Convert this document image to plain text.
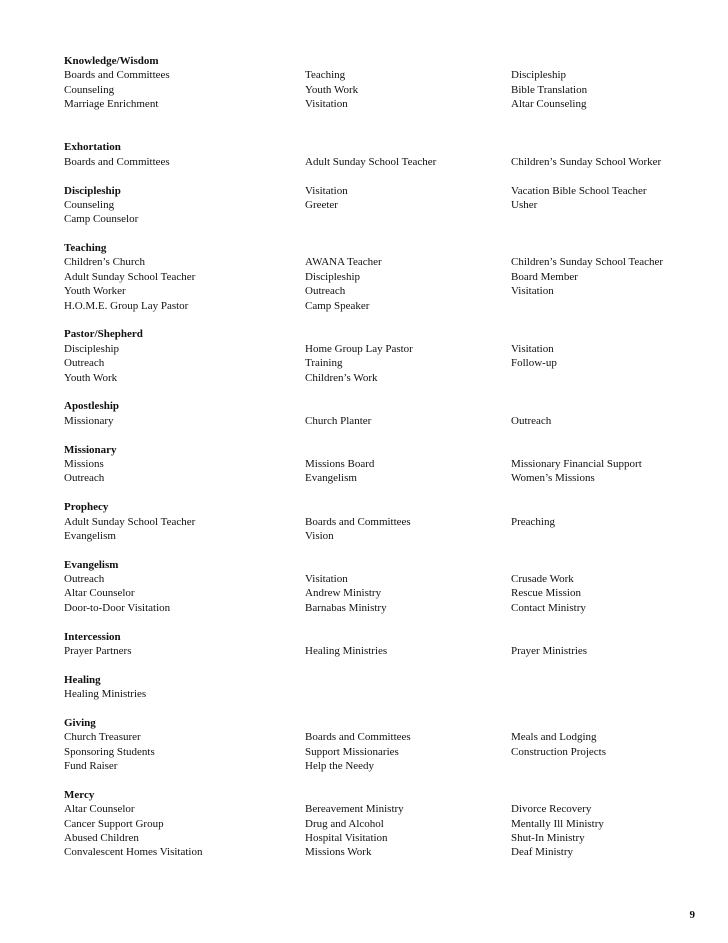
Knowledge/Wisdom
Boards and Committees	Teaching	Discipleship
Counseling	Youth Work	Bible Translation
Marriage Enrichment	Visitation	Altar Counseling
Exhortation
Boards and Committees	Adult Sunday School Teacher	Children’s Sunday School Worker
Discipleship	Visitation	Vacation Bible School Teacher
Counseling	Greeter	Usher
Camp Counselor
Teaching
Children’s Church	AWANA Teacher	Children’s Sunday School Teacher
Adult Sunday School Teacher	Discipleship	Board Member
Youth Worker	Outreach	Visitation
H.O.M.E. Group Lay Pastor	Camp Speaker
Pastor/Shepherd
Discipleship	Home Group Lay Pastor	Visitation
Outreach	Training	Follow-up
Youth Work	Children’s Work
Apostleship
Missionary	Church Planter	Outreach
Missionary
Missions	Missions Board	Missionary Financial Support
Outreach	Evangelism	Women’s Missions
Prophecy
Adult Sunday School Teacher	Boards and Committees	Preaching
Evangelism	Vision
Evangelism
Outreach	Visitation	Crusade Work
Altar Counselor	Andrew Ministry	Rescue Mission
Door-to-Door Visitation	Barnabas Ministry	Contact Ministry
Intercession
Prayer Partners	Healing Ministries	Prayer Ministries
Healing
Healing Ministries
Giving
Church Treasurer	Boards and Committees	Meals and Lodging
Sponsoring Students	Support Missionaries	Construction Projects
Fund Raiser	Help the Needy
Mercy
Altar Counselor	Bereavement Ministry	Divorce Recovery
Cancer Support Group	Drug and Alcohol	Mentally Ill Ministry
Abused Children	Hospital Visitation	Shut-In Ministry
Convalescent Homes Visitation	Missions Work	Deaf Ministry
9
